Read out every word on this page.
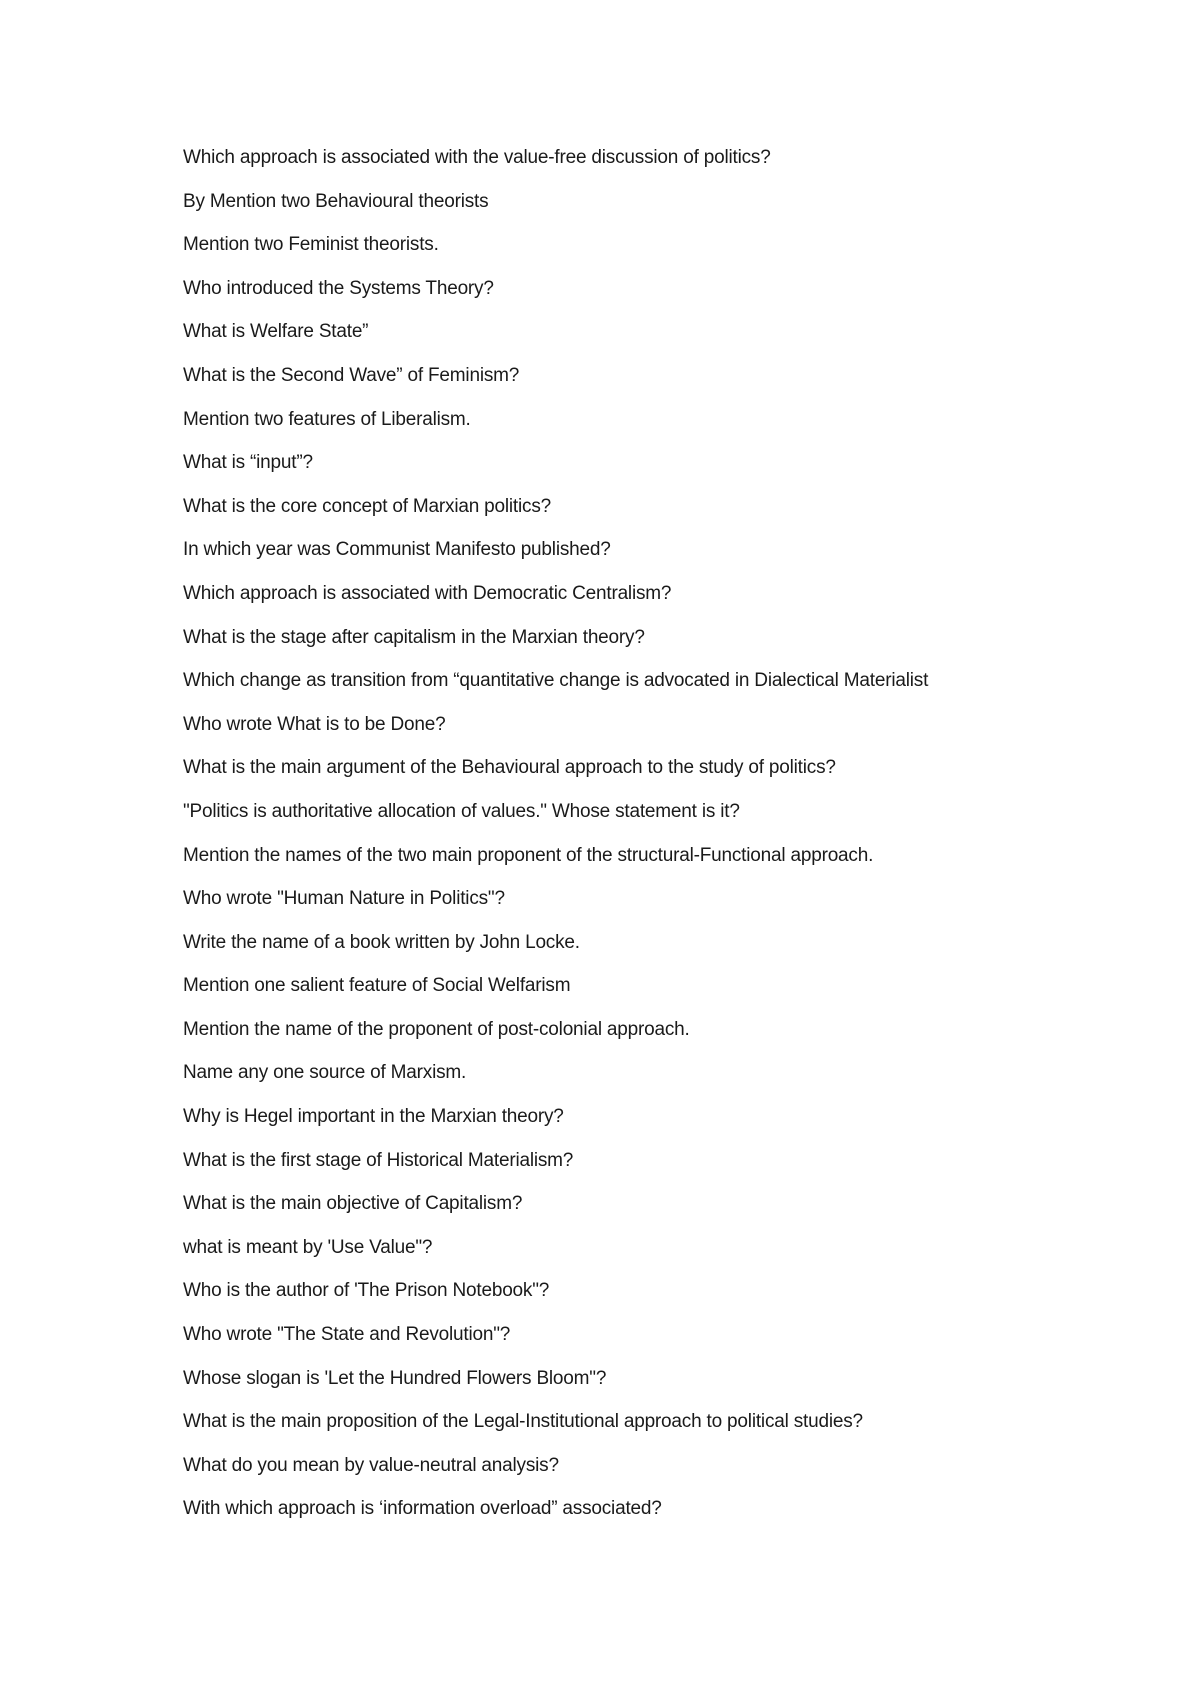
Which approach is associated with the value-free discussion of politics?
By Mention two Behavioural theorists
Mention two Feminist theorists.
Who introduced the Systems Theory?
What is Welfare State”
What is the Second Wave” of Feminism?
Mention two features of Liberalism.
What is “input”?
What is the core concept of Marxian politics?
In which year was Communist Manifesto published?
Which approach is associated with Democratic Centralism?
What is the stage after capitalism in the Marxian theory?
Which change as transition from “quantitative change is advocated in Dialectical Materialist
Who wrote What is to be Done?
What is the main argument of the Behavioural approach to the study of politics?
"Politics is authoritative allocation of values." Whose statement is it?
Mention the names of the two main proponent of the structural-Functional approach.
Who wrote "Human Nature in Politics"?
Write the name of a book written by John Locke.
Mention one salient feature of Social Welfarism
Mention the name of the proponent of post-colonial approach.
Name any one source of Marxism.
Why is Hegel important in the Marxian theory?
What is the first stage of Historical Materialism?
What is the main objective of Capitalism?
what is meant by 'Use Value"?
Who is the author of 'The Prison Notebook"?
Who wrote "The State and Revolution"?
Whose slogan is 'Let the Hundred Flowers Bloom"?
What is the main proposition of the Legal-Institutional approach to political studies?
What do you mean by value-neutral analysis?
With which approach is ‘information overload” associated?
